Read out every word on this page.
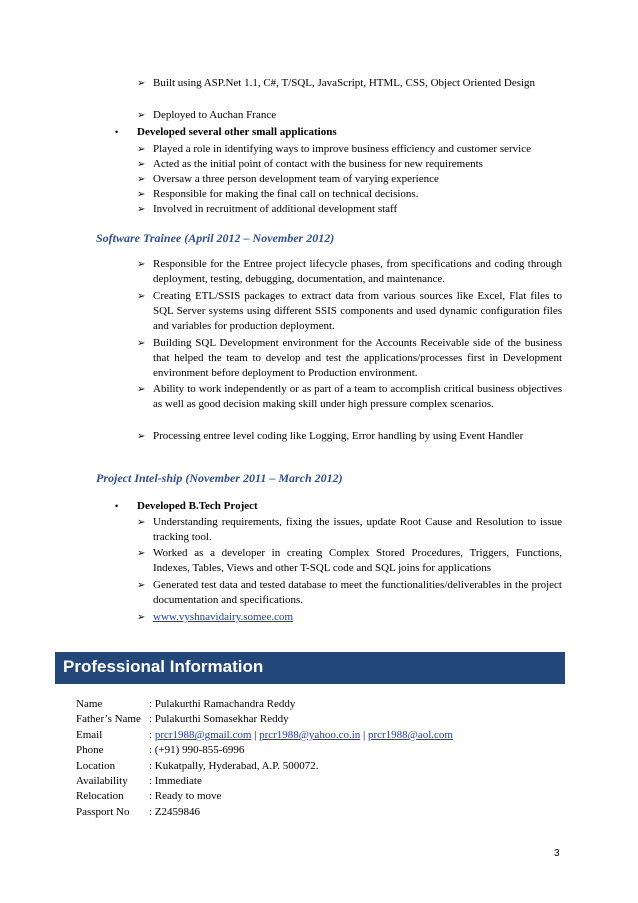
➢ Built using ASP.Net 1.1, C#, T/SQL, JavaScript, HTML, CSS, Object Oriented Design
➢ Deployed to Auchan France
• Developed several other small applications
➢ Played a role in identifying ways to improve business efficiency and customer service
➢ Acted as the initial point of contact with the business for new requirements
➢ Oversaw a three person development team of varying experience
➢ Responsible for making the final call on technical decisions.
➢ Involved in recruitment of additional development staff
Software Trainee (April 2012 – November 2012)
➢ Responsible for the Entree project lifecycle phases, from specifications and coding through deployment, testing, debugging, documentation, and maintenance.
➢ Creating ETL/SSIS packages to extract data from various sources like Excel, Flat files to SQL Server systems using different SSIS components and used dynamic configuration files and variables for production deployment.
➢ Building SQL Development environment for the Accounts Receivable side of the business that helped the team to develop and test the applications/processes first in Development environment before deployment to Production environment.
➢ Ability to work independently or as part of a team to accomplish critical business objectives as well as good decision making skill under high pressure complex scenarios.
➢ Processing entree level coding like Logging, Error handling by using Event Handler
Project Intel-ship (November 2011 – March 2012)
• Developed B.Tech Project
➢ Understanding requirements, fixing the issues, update Root Cause and Resolution to issue tracking tool.
➢ Worked as a developer in creating Complex Stored Procedures, Triggers, Functions, Indexes, Tables, Views and other T-SQL code and SQL joins for applications
➢ Generated test data and tested database to meet the functionalities/deliverables in the project documentation and specifications.
➢ www.vyshnavidairy.somee.com
Professional Information
Name	: Pulakurthi Ramachandra Reddy
Father’s Name : Pulakurthi Somasekhar Reddy
Email	: prcr1988@gmail.com | prcr1988@yahoo.co.in | prcr1988@aol.com
Phone	: (+91) 990-855-6996
Location	: Kukatpally, Hyderabad, A.P. 500072.
Availability : Immediate
Relocation : Ready to move
Passport No : Z2459846
3
